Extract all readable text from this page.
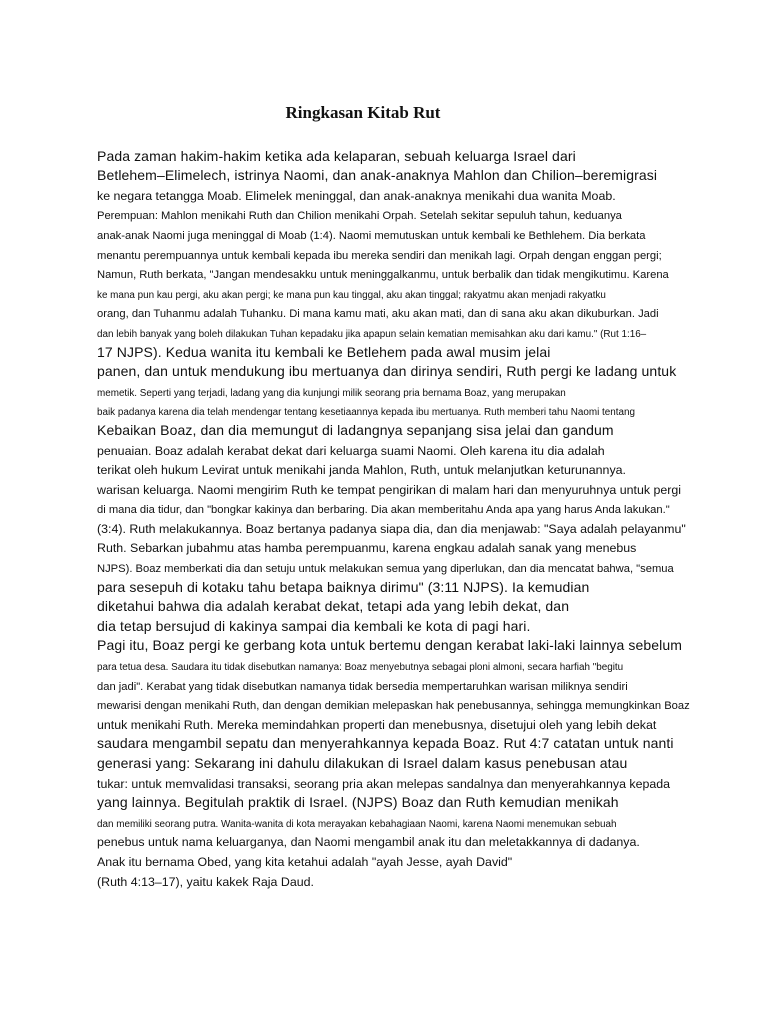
Ringkasan Kitab Rut
Pada zaman hakim-hakim ketika ada kelaparan, sebuah keluarga Israel dari
Betlehem–Elimelech, istrinya Naomi, dan anak-anaknya Mahlon dan Chilion–beremigrasi
ke negara tetangga Moab. Elimelek meninggal, dan anak-anaknya menikahi dua wanita Moab.
Perempuan: Mahlon menikahi Ruth dan Chilion menikahi Orpah. Setelah sekitar sepuluh tahun, keduanya
anak-anak Naomi juga meninggal di Moab (1:4). Naomi memutuskan untuk kembali ke Bethlehem. Dia berkata
menantu perempuannya untuk kembali kepada ibu mereka sendiri dan menikah lagi. Orpah dengan enggan pergi;
Namun, Ruth berkata, "Jangan mendesakku untuk meninggalkanmu, untuk berbalik dan tidak mengikutimu. Karena
ke mana pun kau pergi, aku akan pergi; ke mana pun kau tinggal, aku akan tinggal; rakyatmu akan menjadi rakyatku
orang, dan Tuhanmu adalah Tuhanku. Di mana kamu mati, aku akan mati, dan di sana aku akan dikuburkan. Jadi
dan lebih banyak yang boleh dilakukan Tuhan kepadaku jika apapun selain kematian memisahkan aku dari kamu." (Rut 1:16–
17 NJPS). Kedua wanita itu kembali ke Betlehem pada awal musim jelai
panen, dan untuk mendukung ibu mertuanya dan dirinya sendiri, Ruth pergi ke ladang untuk
memetik. Seperti yang terjadi, ladang yang dia kunjungi milik seorang pria bernama Boaz, yang merupakan
baik padanya karena dia telah mendengar tentang kesetiaannya kepada ibu mertuanya. Ruth memberi tahu Naomi tentang
Kebaikan Boaz, dan dia memungut di ladangnya sepanjang sisa jelai dan gandum
penuaian. Boaz adalah kerabat dekat dari keluarga suami Naomi. Oleh karena itu dia adalah
terikat oleh hukum Levirat untuk menikahi janda Mahlon, Ruth, untuk melanjutkan keturunannya.
warisan keluarga. Naomi mengirim Ruth ke tempat pengirikan di malam hari dan menyuruhnya untuk pergi
di mana dia tidur, dan "bongkar kakinya dan berbaring. Dia akan memberitahu Anda apa yang harus Anda lakukan."
(3:4). Ruth melakukannya. Boaz bertanya padanya siapa dia, dan dia menjawab: "Saya adalah pelayanmu"
Ruth. Sebarkan jubahmu atas hamba perempuanmu, karena engkau adalah sanak yang menebus
NJPS). Boaz memberkati dia dan setuju untuk melakukan semua yang diperlukan, dan dia mencatat bahwa, "semua
para sesepuh di kotaku tahu betapa baiknya dirimu" (3:11 NJPS). Ia kemudian
diketahui bahwa dia adalah kerabat dekat, tetapi ada yang lebih dekat, dan
dia tetap bersujud di kakinya sampai dia kembali ke kota di pagi hari.
Pagi itu, Boaz pergi ke gerbang kota untuk bertemu dengan kerabat laki-laki lainnya sebelum
para tetua desa. Saudara itu tidak disebutkan namanya: Boaz menyebutnya sebagai ploni almoni, secara harfiah "begitu
dan jadi". Kerabat yang tidak disebutkan namanya tidak bersedia mempertaruhkan warisan miliknya sendiri
mewarisi dengan menikahi Ruth, dan dengan demikian melepaskan hak penebusannya, sehingga memungkinkan Boaz
untuk menikahi Ruth. Mereka memindahkan properti dan menebusnya, disetujui oleh yang lebih dekat
saudara mengambil sepatu dan menyerahkannya kepada Boaz. Rut 4:7 catatan untuk nanti
generasi yang: Sekarang ini dahulu dilakukan di Israel dalam kasus penebusan atau
tukar: untuk memvalidasi transaksi, seorang pria akan melepas sandalnya dan menyerahkannya kepada
yang lainnya. Begitulah praktik di Israel. (NJPS) Boaz dan Ruth kemudian menikah
dan memiliki seorang putra. Wanita-wanita di kota merayakan kebahagiaan Naomi, karena Naomi menemukan sebuah
penebus untuk nama keluarganya, dan Naomi mengambil anak itu dan meletakkannya di dadanya.
Anak itu bernama Obed, yang kita ketahui adalah "ayah Jesse, ayah David"
(Ruth 4:13–17), yaitu kakek Raja Daud.
